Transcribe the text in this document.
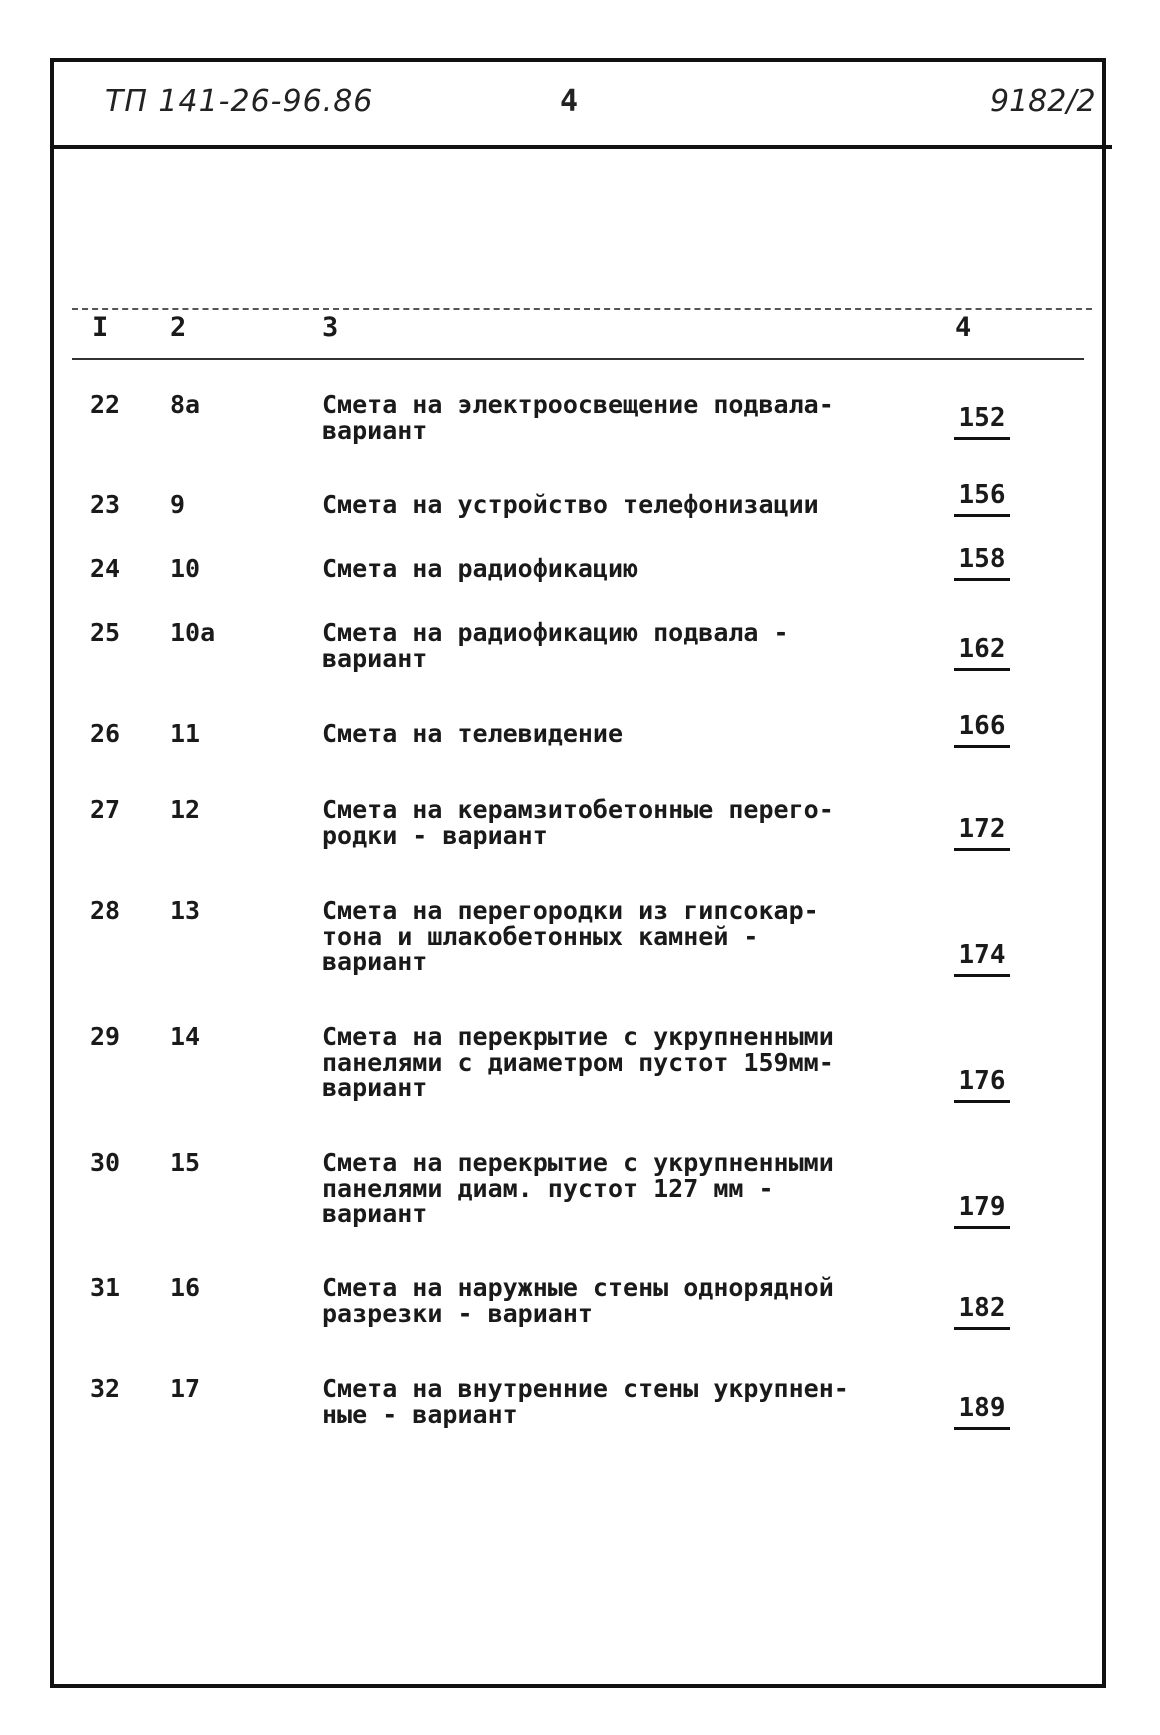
ТП 141-26-96.86	4	9182/2
I 2	3	4
22 8a	Смета на электроосвещение подвала-
вариант	152
23 9	Смета на устройство телефонизации	156
24 10	Смета на радиофикацию	158
25 10a	Смета на радиофикацию подвала -
вариант	162
26 11	Смета на телевидение	166
27 12	Смета на керамзитобетонные перего-
родки - вариант	172
28 13	Смета на перегородки из гипсокар-
тона и шлакобетонных камней -
вариант	174
29 14	Смета на перекрытие с укрупненными
панелями с диаметром пустот 159мм-
вариант	176
30 15	Смета на перекрытие с укрупненными
панелями диам. пустот 127 мм -
вариант	179
31 16	Смета на наружные стены однорядной
разрезки - вариант	182
32 17	Смета на внутренние стены укрупнен-
ные - вариант	189
